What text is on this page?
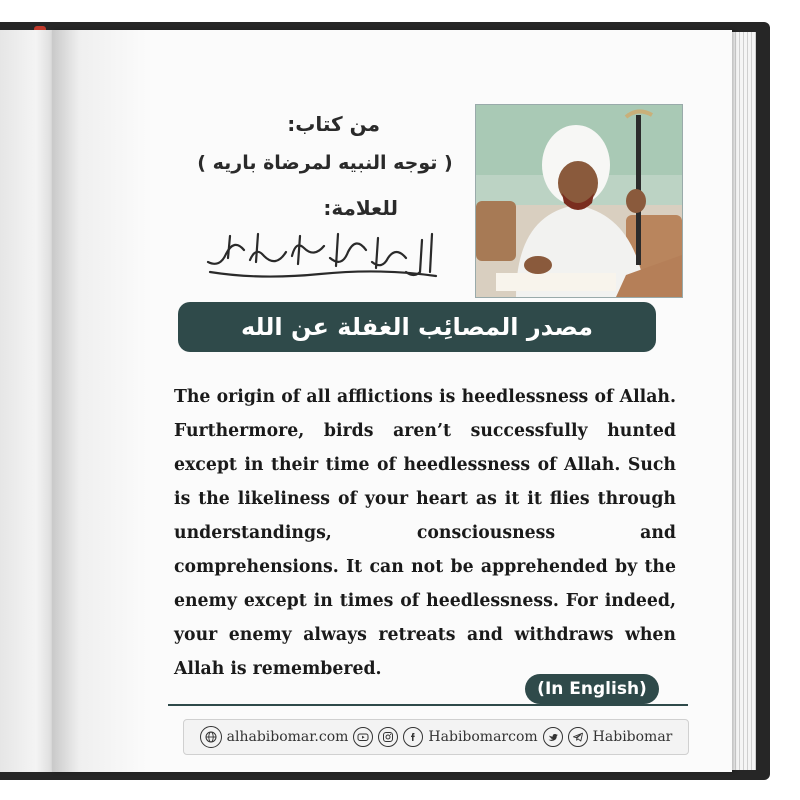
من كتاب:
( توجه النبيه لمرضاة باريه )
للعلامة:
مصدر المصائِب الغفلة عن الله
The origin of all afflictions is heedlessness of Allah. Furthermore, birds aren’t successfully hunted except in their time of heedlessness of Allah. Such is the likeliness of your heart as it it flies through understandings, consciousness and comprehensions. It can not be apprehended by the enemy except in times of heedlessness. For indeed, your enemy always retreats and withdraws when Allah is remembered.
(In English)
alhabibomar.com	Habibomarcom	Habibomar
